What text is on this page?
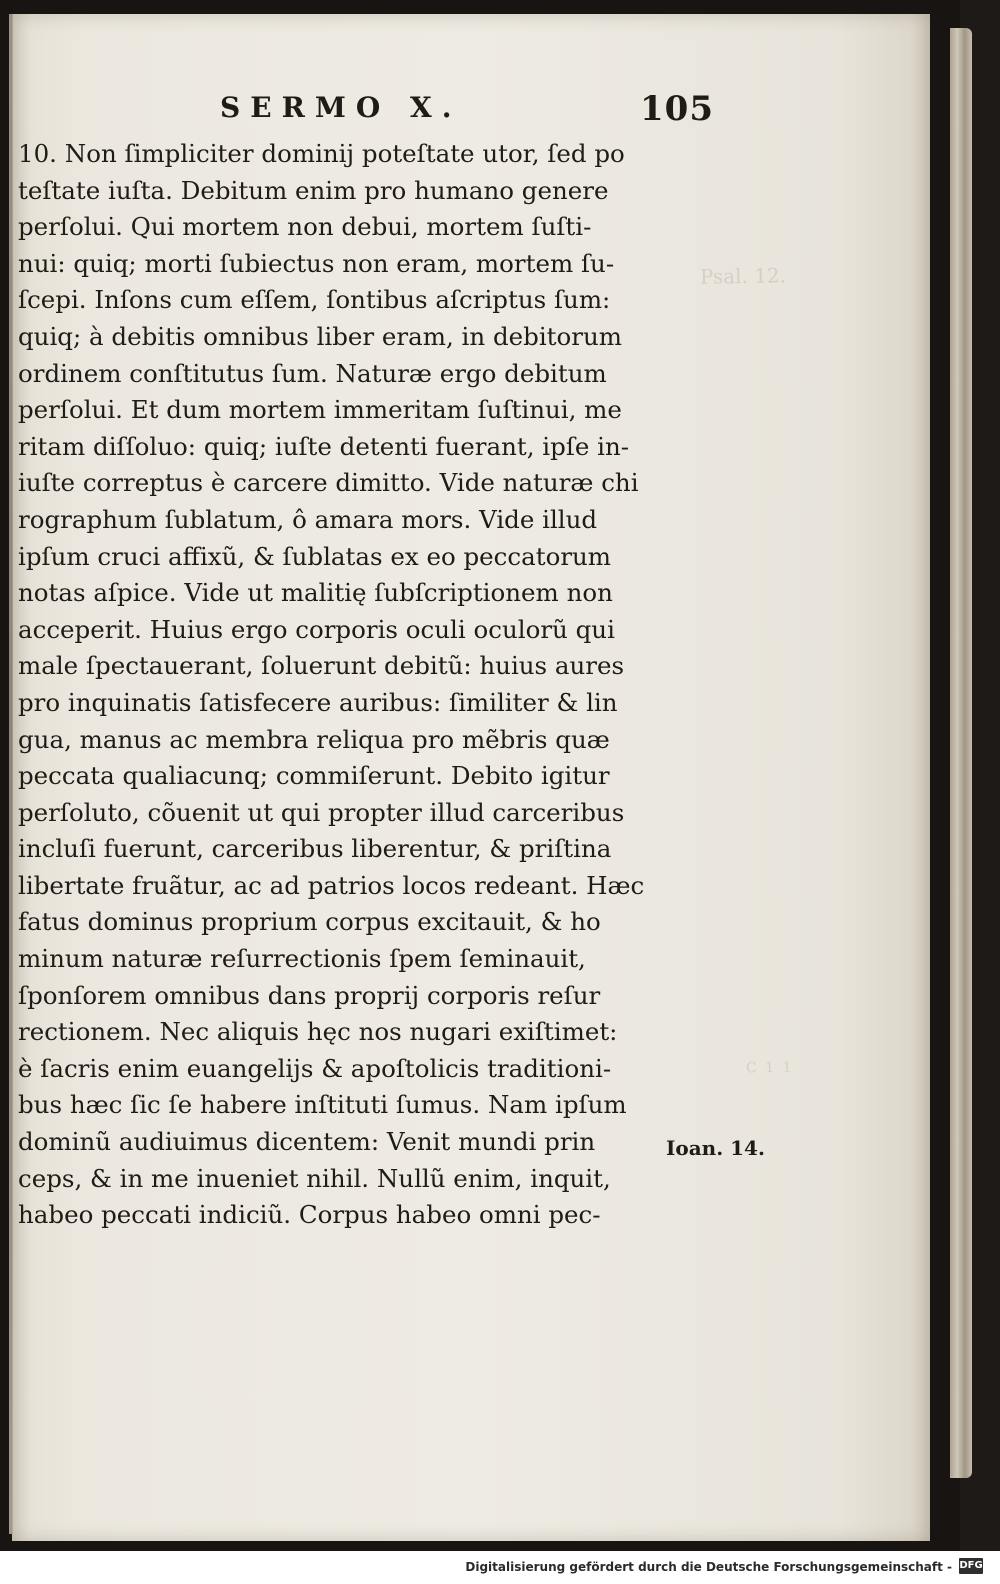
Psal. 12.
C 1 1
SERMO X.	105
10. Non ſimpliciter dominij poteſtate utor, ſed po
teſtate iuſta. Debitum enim pro humano genere
perſolui. Qui mortem non debui, mortem ſuſti-
nui: quiq; morti ſubiectus non eram, mortem ſu-
ſcepi. Inſons cum eſſem, ſontibus aſcriptus ſum:
quiq; à debitis omnibus liber eram, in debitorum
ordinem conſtitutus ſum. Naturæ ergo debitum
perſolui. Et dum mortem immeritam ſuſtinui, me
ritam diſſoluo: quiq; iuſte detenti fuerant, ipſe in-
iuſte correptus è carcere dimitto. Vide naturæ chi
rographum ſublatum, ô amara mors. Vide illud
ipſum cruci affixũ, & ſublatas ex eo peccatorum
notas aſpice. Vide ut malitię ſubſcriptionem non
acceperit. Huius ergo corporis oculi oculorũ qui
male ſpectauerant, ſoluerunt debitũ: huius aures
pro inquinatis ſatisfecere auribus: ſimiliter & lin
gua, manus ac membra reliqua pro mẽbris quæ
peccata qualiacunq; commiſerunt. Debito igitur
perſoluto, cõuenit ut qui propter illud carceribus
incluſi fuerunt, carceribus liberentur, & priſtina
libertate fruãtur, ac ad patrios locos redeant. Hæc
fatus dominus proprium corpus excitauit, & ho
minum naturæ reſurrectionis ſpem ſeminauit,
ſponſorem omnibus dans proprij corporis reſur
rectionem. Nec aliquis hęc nos nugari exiſtimet:
è ſacris enim euangelijs & apoſtolicis traditioni-
bus hæc ſic ſe habere inſtituti ſumus. Nam ipſum
dominũ audiuimus dicentem: Venit mundi prin
ceps, & in me inueniet nihil. Nullũ enim, inquit,
habeo peccati indiciũ. Corpus habeo omni pec-
Ioan. 14.
Digitalisierung gefördert durch die Deutsche Forschungsgemeinschaft - DFG
